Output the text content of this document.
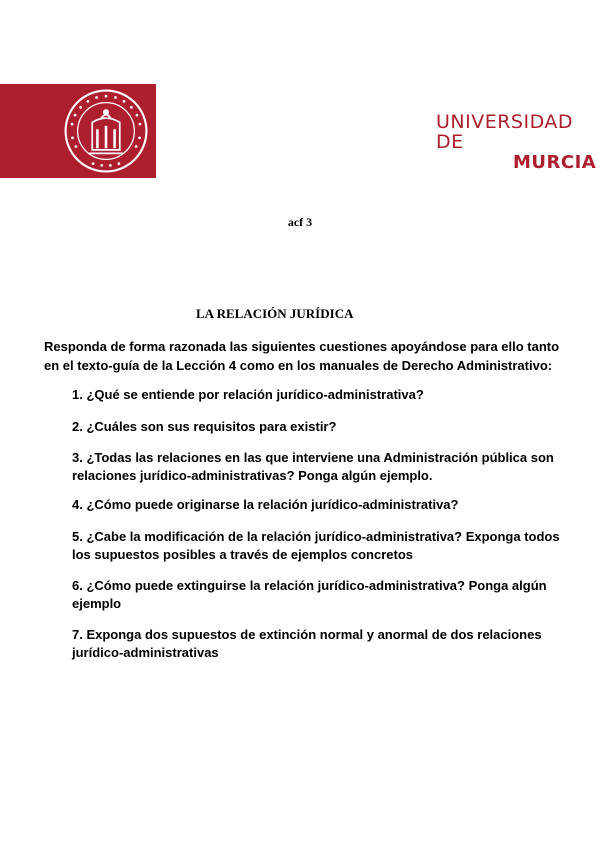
UNIVERSIDAD DE
MURCIA
acf 3
LA RELACIÓN JURÍDICA
Responda de forma razonada las siguientes cuestiones apoyándose para ello tanto en el texto-guía de la Lección 4 como en los manuales de Derecho Administrativo:
1. ¿Qué se entiende por relación jurídico-administrativa?
2. ¿Cuáles son sus requisitos para existir?
3. ¿Todas las relaciones en las que interviene una Administración pública son relaciones jurídico-administrativas? Ponga algún ejemplo.
4. ¿Cómo puede originarse la relación jurídico-administrativa?
5. ¿Cabe la modificación de la relación jurídico-administrativa? Exponga todos los supuestos posibles a través de ejemplos concretos
6. ¿Cómo puede extinguirse la relación jurídico-administrativa? Ponga algún ejemplo
7. Exponga dos supuestos de extinción normal y anormal de dos relaciones jurídico-administrativas
